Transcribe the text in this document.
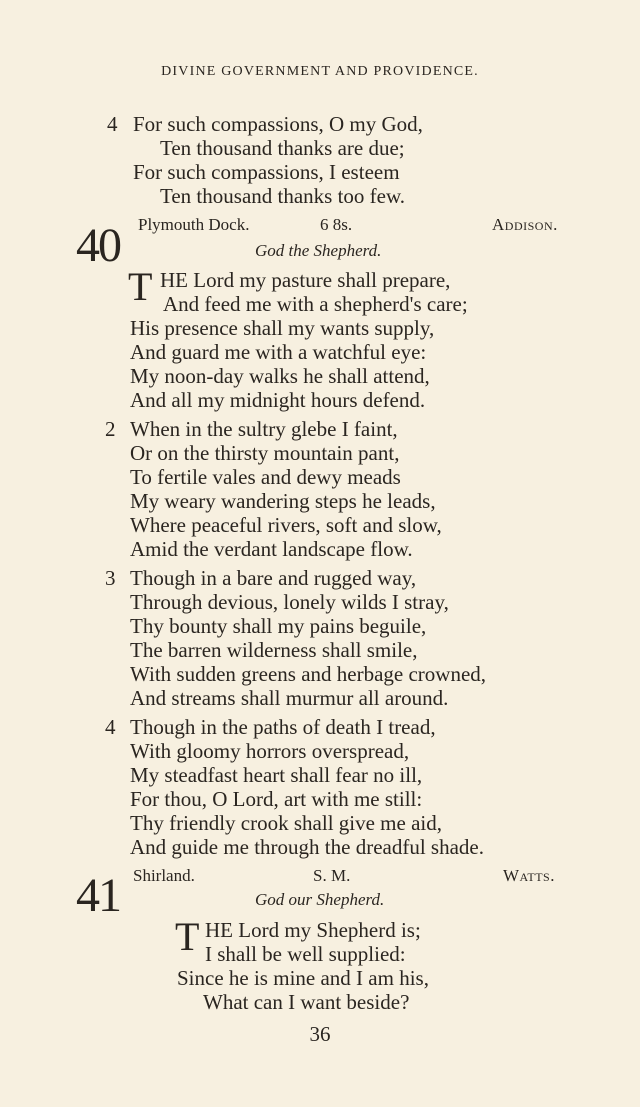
DIVINE GOVERNMENT AND PROVIDENCE.
4 For such compassions, O my God,
Ten thousand thanks are due;
For such compassions, I esteem
Ten thousand thanks too few.
40 Plymouth Dock.	6 8s.	Addison.
God the Shepherd.
T HE Lord my pasture shall prepare,
And feed me with a shepherd's care;
His presence shall my wants supply,
And guard me with a watchful eye:
My noon-day walks he shall attend,
And all my midnight hours defend.
2 When in the sultry glebe I faint,
Or on the thirsty mountain pant,
To fertile vales and dewy meads
My weary wandering steps he leads,
Where peaceful rivers, soft and slow,
Amid the verdant landscape flow.
3 Though in a bare and rugged way,
Through devious, lonely wilds I stray,
Thy bounty shall my pains beguile,
The barren wilderness shall smile,
With sudden greens and herbage crowned,
And streams shall murmur all around.
4 Though in the paths of death I tread,
With gloomy horrors overspread,
My steadfast heart shall fear no ill,
For thou, O Lord, art with me still:
Thy friendly crook shall give me aid,
And guide me through the dreadful shade.
41 Shirland.	S. M.	Watts.
God our Shepherd.
T HE Lord my Shepherd is;
I shall be well supplied:
Since he is mine and I am his,
What can I want beside?
36
